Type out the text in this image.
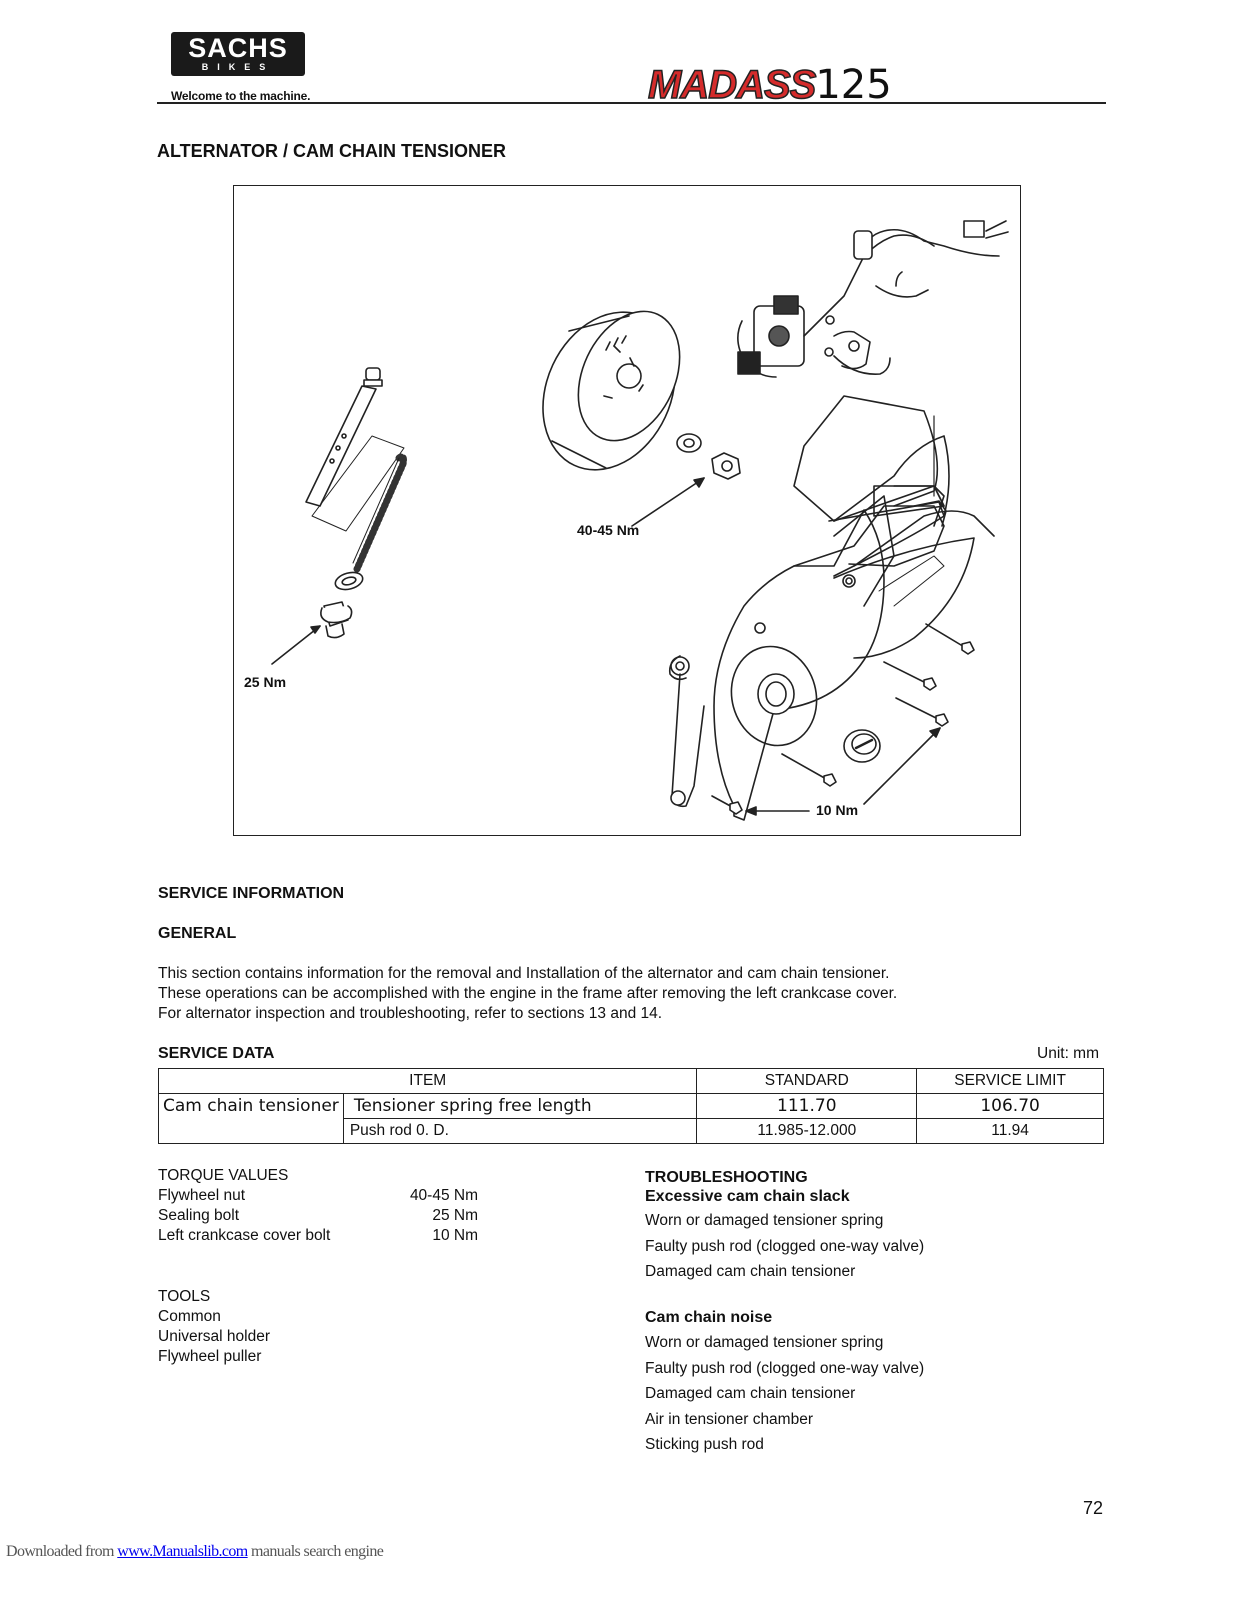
SACHS
BIKES
Welcome to the machine.	MADASS125
ALTERNATOR / CAM CHAIN TENSIONER
40-45 Nm
25 Nm
10 Nm
SERVICE INFORMATION
GENERAL
This section contains information for the removal and Installation of the alternator and cam chain tensioner.
These operations can be accomplished with the engine in the frame after removing the left crankcase cover.
For alternator inspection and troubleshooting, refer to sections 13 and 14.
SERVICE DATA	Unit: mm
ITEM		STANDARD	SERVICE LIMIT
Cam chain tensioner	Tensioner spring free length	111.70	106.70
	Push rod 0. D.	11.985-12.000	11.94
TORQUE VALUES
Flywheel nut	40-45 Nm
Sealing bolt	25 Nm
Left crankcase cover bolt	10 Nm
TOOLS
Common
Universal holder
Flywheel puller
TROUBLESHOOTING
Excessive cam chain slack
Worn or damaged tensioner spring
Faulty push rod (clogged one-way valve)
Damaged cam chain tensioner
Cam chain noise
Worn or damaged tensioner spring
Faulty push rod (clogged one-way valve)
Damaged cam chain tensioner
Air in tensioner chamber
Sticking push rod
72
Downloaded from www.Manualslib.com manuals search engine
